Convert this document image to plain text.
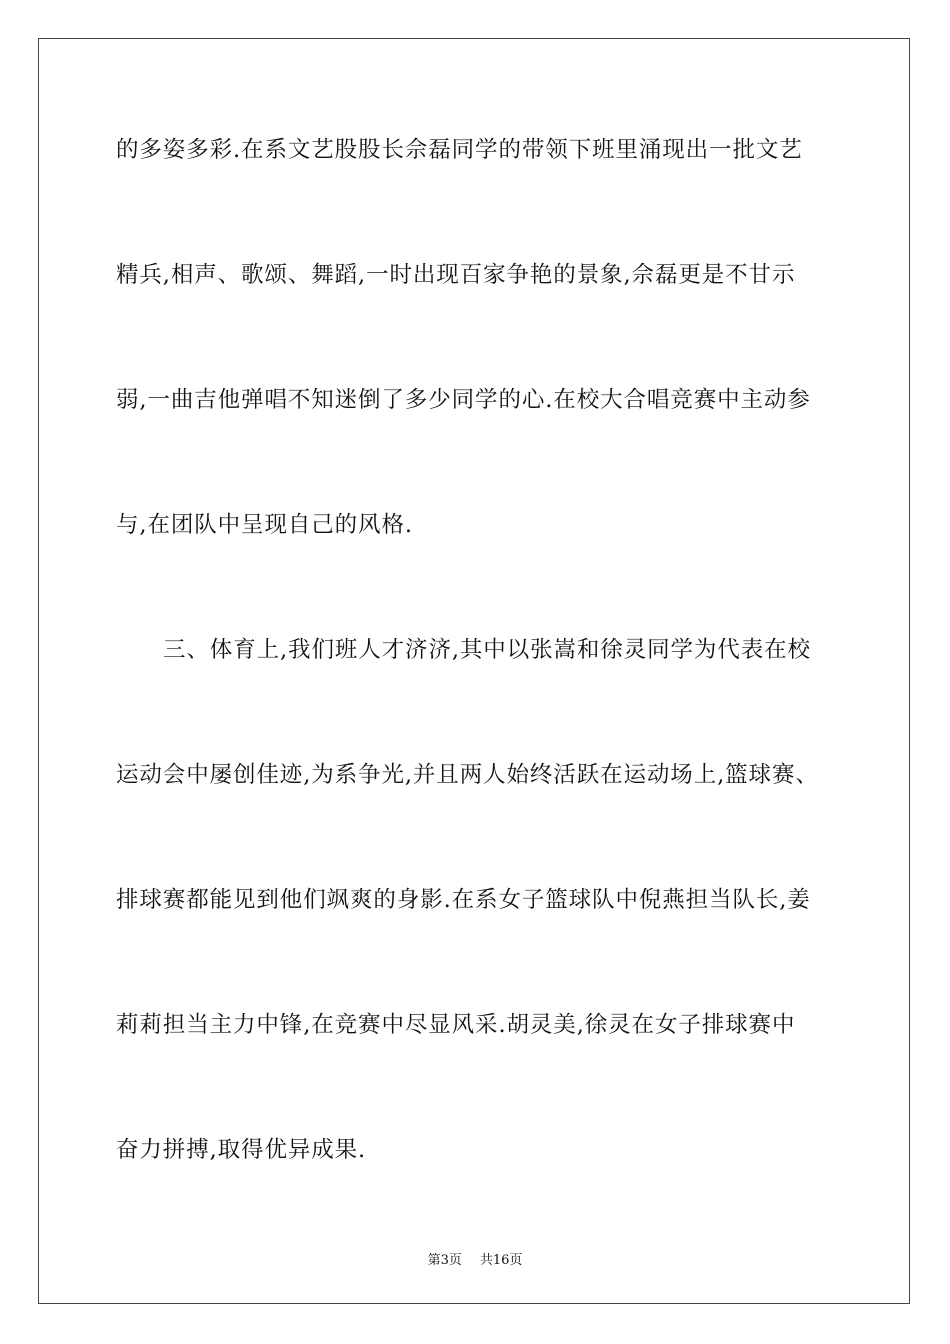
的多姿多彩.在系文艺股股长佘磊同学的带领下班里涌现出一批文艺
精兵,相声、歌颂、舞蹈,一时出现百家争艳的景象,佘磊更是不甘示
弱,一曲吉他弹唱不知迷倒了多少同学的心.在校大合唱竞赛中主动参
与,在团队中呈现自己的风格.
三、体育上,我们班人才济济,其中以张嵩和徐灵同学为代表在校
运动会中屡创佳迹,为系争光,并且两人始终活跃在运动场上,篮球赛、
排球赛都能见到他们飒爽的身影.在系女子篮球队中倪燕担当队长,姜
莉莉担当主力中锋,在竞赛中尽显风采.胡灵美,徐灵在女子排球赛中
奋力拼搏,取得优异成果.
第3页 共16页
